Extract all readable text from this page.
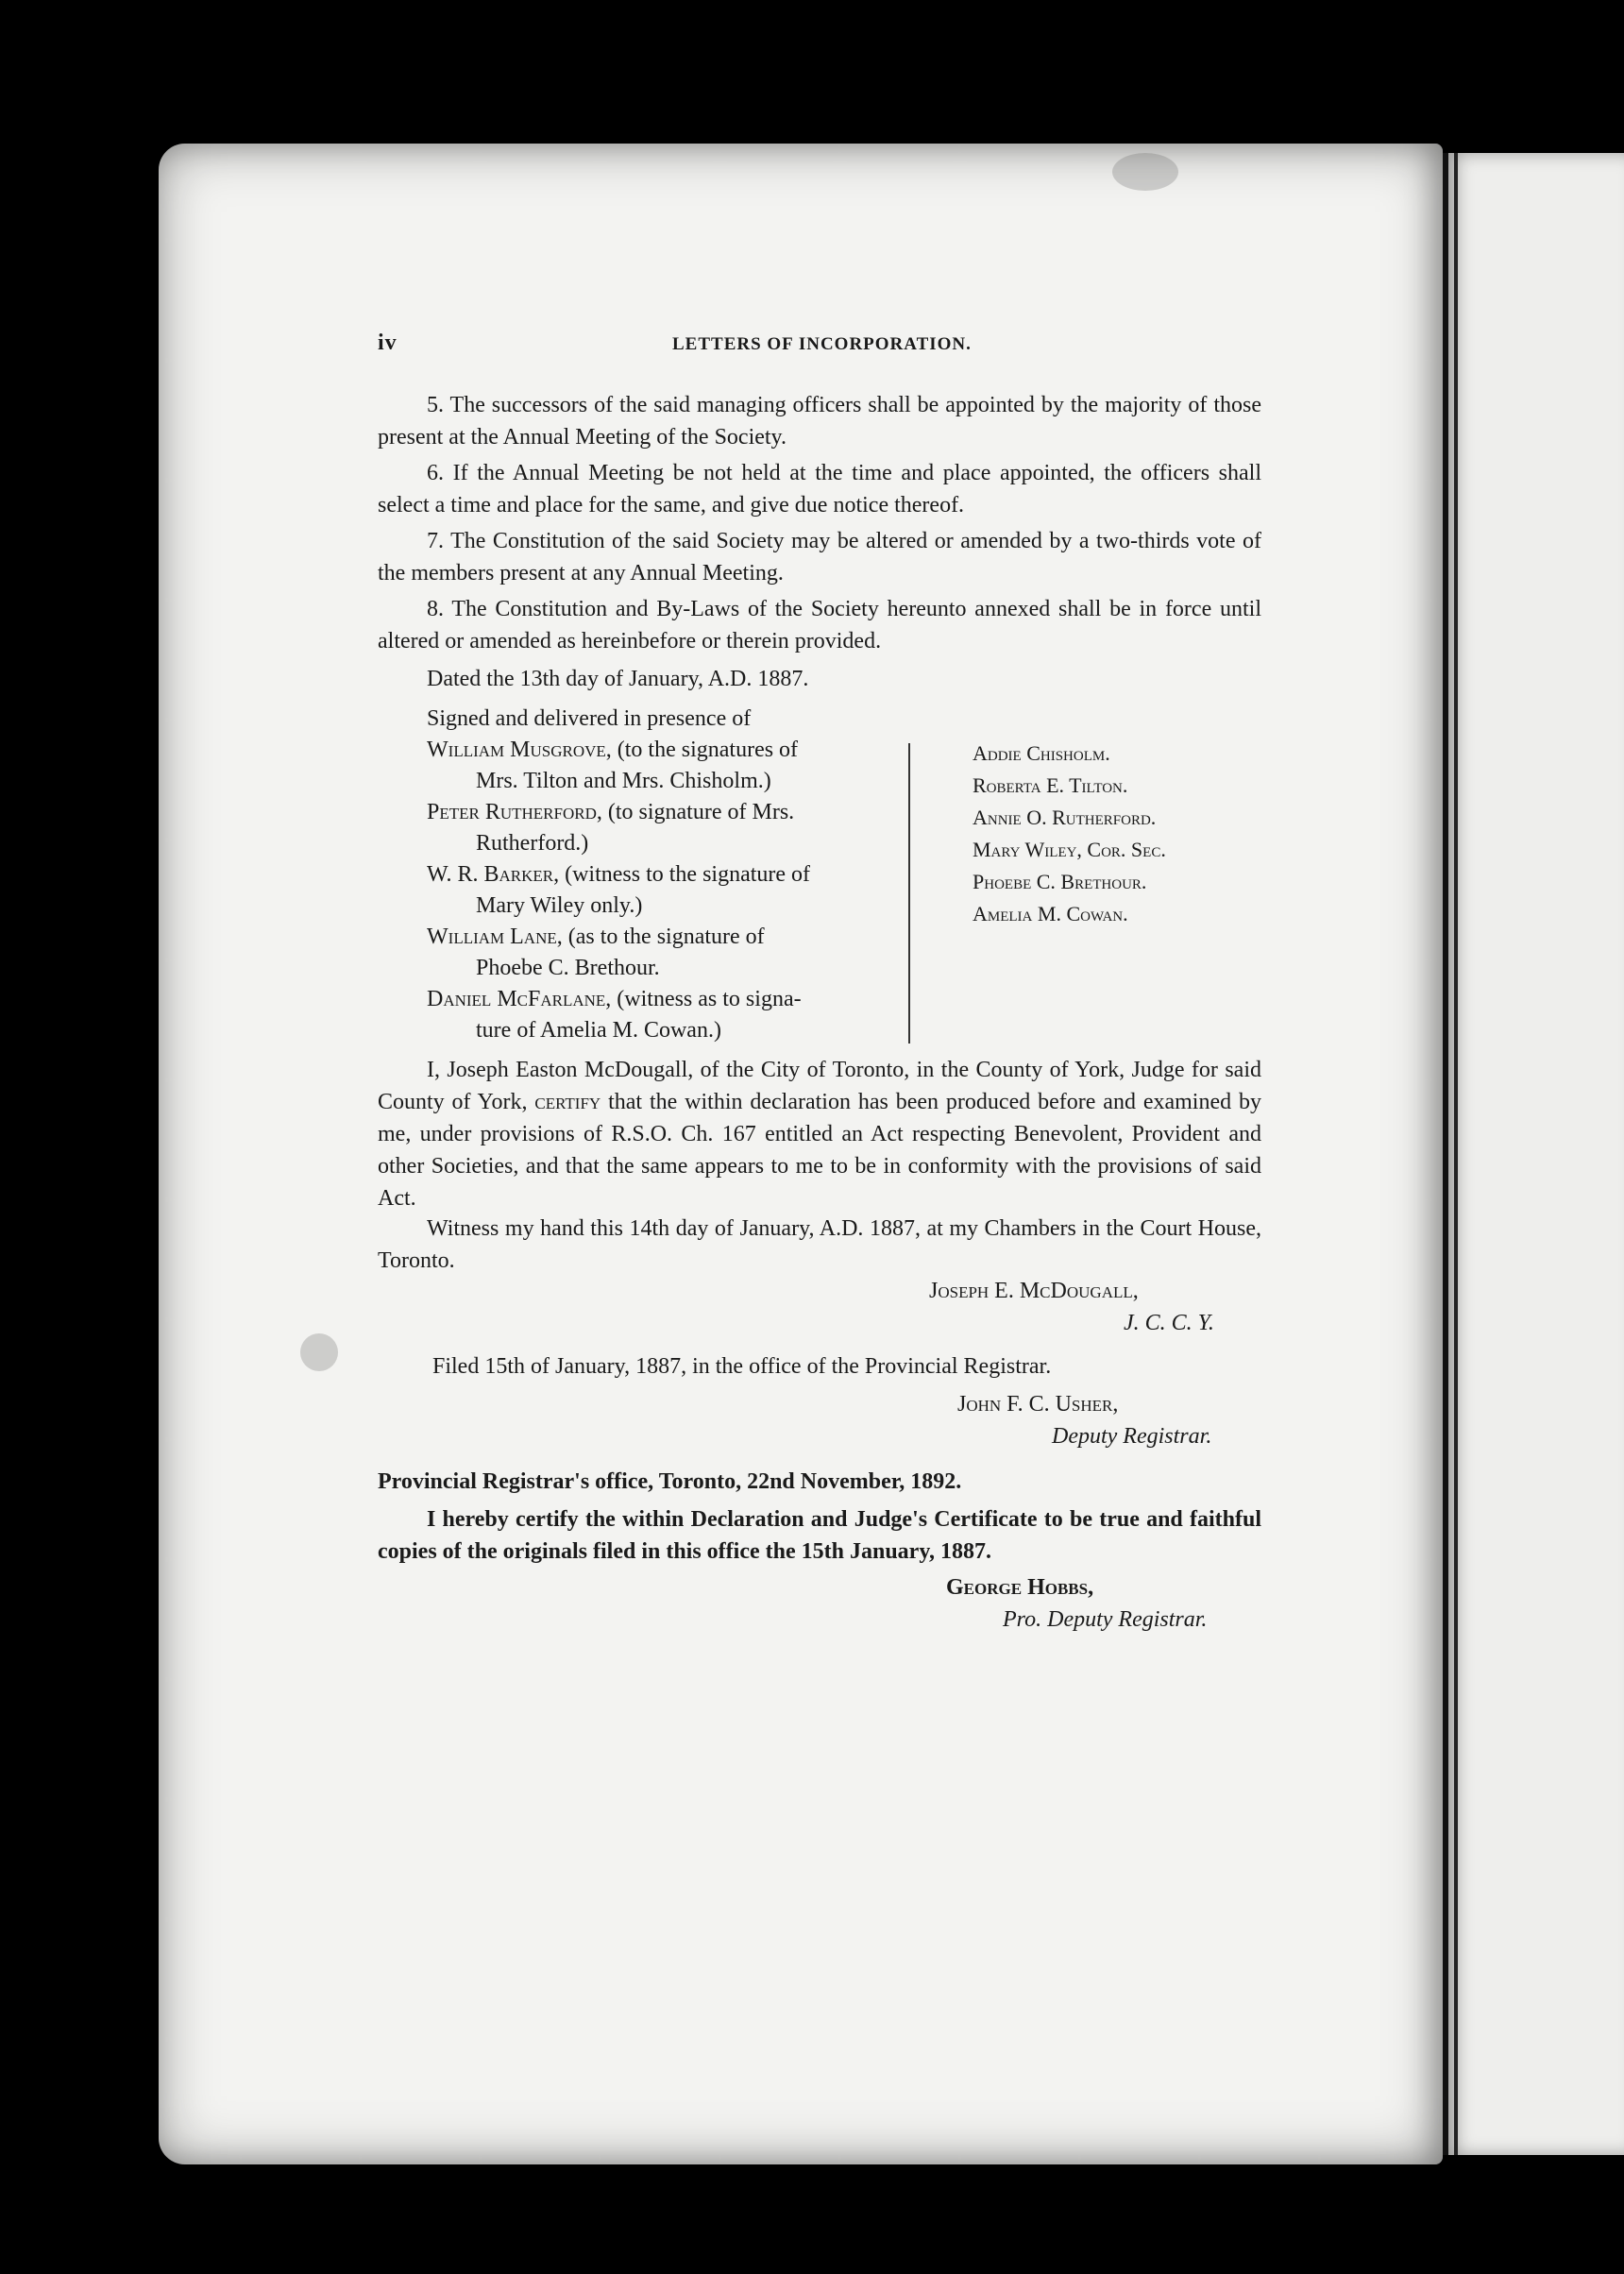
iv	LETTERS OF INCORPORATION.
5. The successors of the said managing officers shall be appointed by the majority of those present at the Annual Meeting of the Society.
6. If the Annual Meeting be not held at the time and place appointed, the officers shall select a time and place for the same, and give due notice thereof.
7. The Constitution of the said Society may be altered or amended by a two-thirds vote of the members present at any Annual Meeting.
8. The Constitution and By-Laws of the Society hereunto annexed shall be in force until altered or amended as hereinbefore or therein provided.
Dated the 13th day of January, A.D. 1887.
Signed and delivered in presence of
William Musgrove, (to the signatures of
Mrs. Tilton and Mrs. Chisholm.)
Peter Rutherford, (to signature of Mrs.
Rutherford.)
W. R. Barker, (witness to the signature of
Mary Wiley only.)
William Lane, (as to the signature of
Phoebe C. Brethour.
Daniel McFarlane, (witness as to signa-
ture of Amelia M. Cowan.)
Addie Chisholm.
Roberta E. Tilton.
Annie O. Rutherford.
Mary Wiley, Cor. Sec.
Phoebe C. Brethour.
Amelia M. Cowan.
I, Joseph Easton McDougall, of the City of Toronto, in the County of York, Judge for said County of York, certify that the within declaration has been produced before and examined by me, under provisions of R.S.O. Ch. 167 entitled an Act respecting Benevolent, Provident and other Societies, and that the same appears to me to be in conformity with the provisions of said Act.
Witness my hand this 14th day of January, A.D. 1887, at my Chambers in the Court House, Toronto.
Joseph E. McDougall,
J. C. C. Y.
Filed 15th of January, 1887, in the office of the Provincial Registrar.
John F. C. Usher,
Deputy Registrar.
Provincial Registrar's office, Toronto, 22nd November, 1892.
I hereby certify the within Declaration and Judge's Certificate to be true and faithful copies of the originals filed in this office the 15th January, 1887.
George Hobbs,
Pro. Deputy Registrar.
